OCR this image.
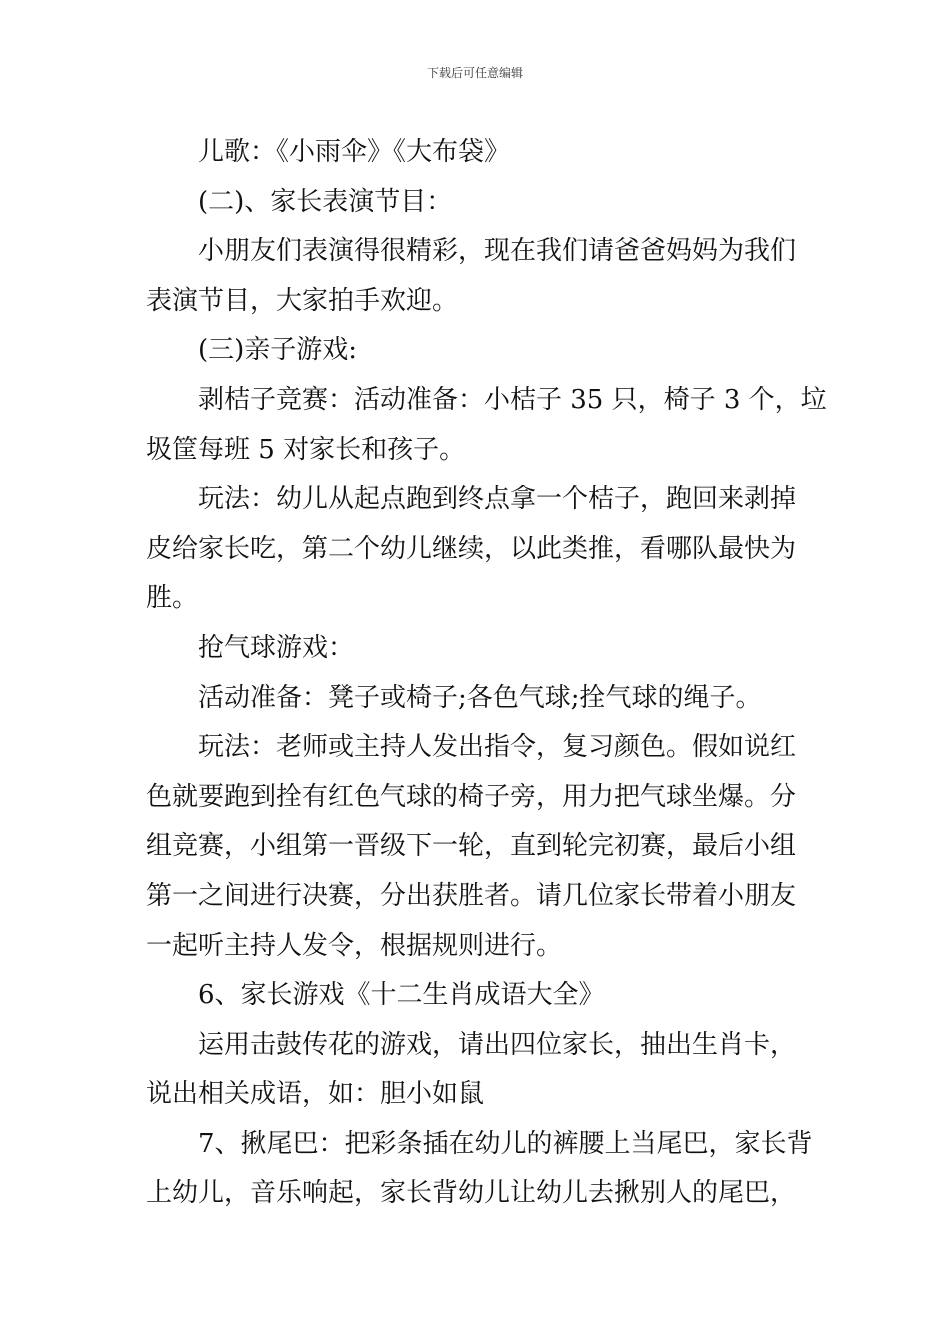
下载后可任意编辑
儿歌：《小雨伞》《大布袋》
(二)、家长表演节目：
小朋友们表演得很精彩，现在我们请爸爸妈妈为我们
表演节目，大家拍手欢迎。
(三)亲子游戏:
剥桔子竞赛：活动准备：小桔子 35 只，椅子 3 个，垃
圾筐每班 5 对家长和孩子。
玩法：幼儿从起点跑到终点拿一个桔子，跑回来剥掉
皮给家长吃，第二个幼儿继续，以此类推，看哪队最快为
胜。
抢气球游戏：
活动准备：凳子或椅子;各色气球;拴气球的绳子。
玩法：老师或主持人发出指令，复习颜色。假如说红
色就要跑到拴有红色气球的椅子旁，用力把气球坐爆。分
组竞赛，小组第一晋级下一轮，直到轮完初赛，最后小组
第一之间进行决赛，分出获胜者。请几位家长带着小朋友
一起听主持人发令，根据规则进行。
6、家长游戏《十二生肖成语大全》
运用击鼓传花的游戏，请出四位家长，抽出生肖卡，
说出相关成语，如：胆小如鼠
7、揪尾巴：把彩条插在幼儿的裤腰上当尾巴，家长背
上幼儿，音乐响起，家长背幼儿让幼儿去揪别人的尾巴，
